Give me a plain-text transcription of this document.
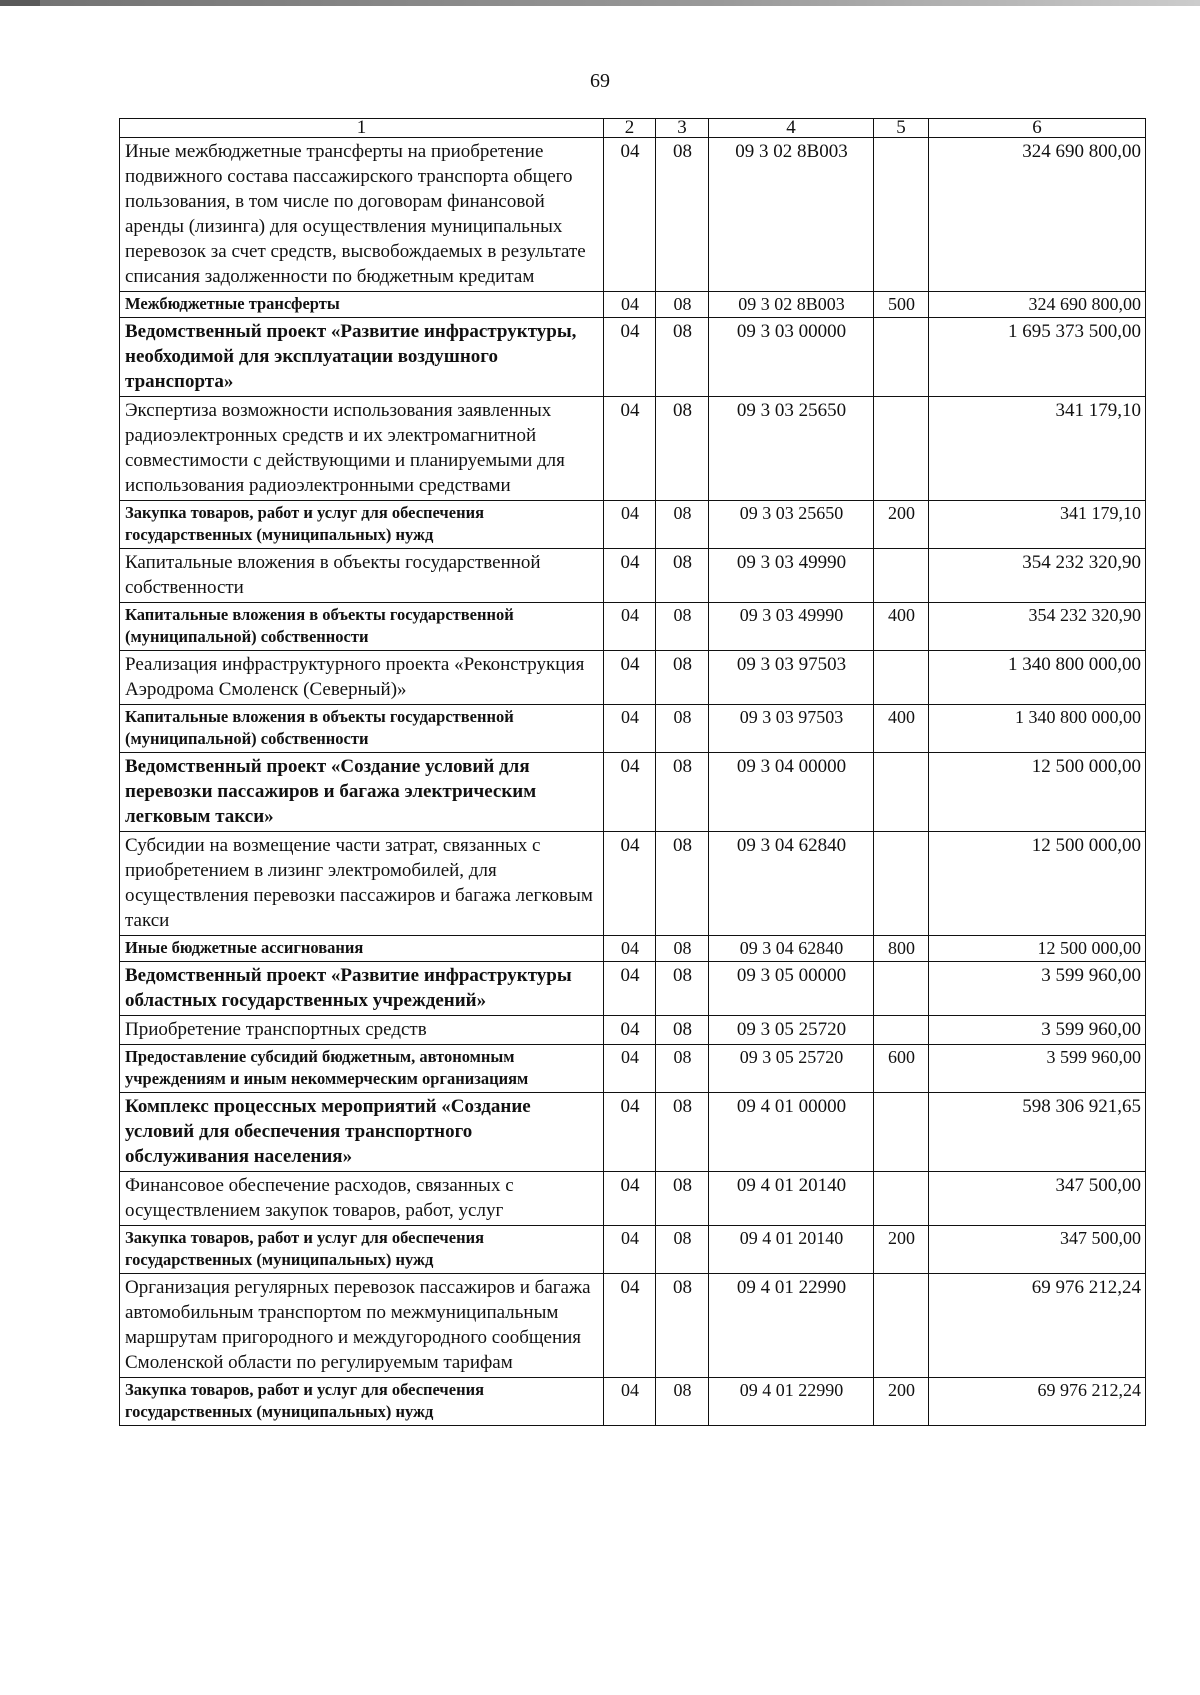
69
1	2	3	4	5	6
Иные межбюджетные трансферты на приобретение подвижного состава пассажирского транспорта общего пользования, в том числе по договорам финансовой аренды (лизинга) для осуществления муниципальных перевозок за счет средств, высвобождаемых в результате списания задолженности по бюджетным кредитам	04	08	09 3 02 8В003		324 690 800,00
Межбюджетные трансферты	04	08	09 3 02 8В003	500	324 690 800,00
Ведомственный проект «Развитие инфраструктуры, необходимой для эксплуатации воздушного транспорта»	04	08	09 3 03 00000		1 695 373 500,00
Экспертиза возможности использования заявленных радиоэлектронных средств и их электромагнитной совместимости с действующими и планируемыми для использования радиоэлектронными средствами	04	08	09 3 03 25650		341 179,10
Закупка товаров, работ и услуг для обеспечения государственных (муниципальных) нужд	04	08	09 3 03 25650	200	341 179,10
Капитальные вложения в объекты государственной собственности	04	08	09 3 03 49990		354 232 320,90
Капитальные вложения в объекты государственной (муниципальной) собственности	04	08	09 3 03 49990	400	354 232 320,90
Реализация инфраструктурного проекта «Реконструкция Аэродрома Смоленск (Северный)»	04	08	09 3 03 97503		1 340 800 000,00
Капитальные вложения в объекты государственной (муниципальной) собственности	04	08	09 3 03 97503	400	1 340 800 000,00
Ведомственный проект «Создание условий для перевозки пассажиров и багажа электрическим легковым такси»	04	08	09 3 04 00000		12 500 000,00
Субсидии на возмещение части затрат, связанных с приобретением в лизинг электромобилей, для осуществления перевозки пассажиров и багажа легковым такси	04	08	09 3 04 62840		12 500 000,00
Иные бюджетные ассигнования	04	08	09 3 04 62840	800	12 500 000,00
Ведомственный проект «Развитие инфраструктуры областных государственных учреждений»	04	08	09 3 05 00000		3 599 960,00
Приобретение транспортных средств	04	08	09 3 05 25720		3 599 960,00
Предоставление субсидий бюджетным, автономным учреждениям и иным некоммерческим организациям	04	08	09 3 05 25720	600	3 599 960,00
Комплекс процессных мероприятий «Создание условий для обеспечения транспортного обслуживания населения»	04	08	09 4 01 00000		598 306 921,65
Финансовое обеспечение расходов, связанных с осуществлением закупок товаров, работ, услуг	04	08	09 4 01 20140		347 500,00
Закупка товаров, работ и услуг для обеспечения государственных (муниципальных) нужд	04	08	09 4 01 20140	200	347 500,00
Организация регулярных перевозок пассажиров и багажа автомобильным транспортом по межмуниципальным маршрутам пригородного и междугородного сообщения Смоленской области по регулируемым тарифам	04	08	09 4 01 22990		69 976 212,24
Закупка товаров, работ и услуг для обеспечения государственных (муниципальных) нужд	04	08	09 4 01 22990	200	69 976 212,24
